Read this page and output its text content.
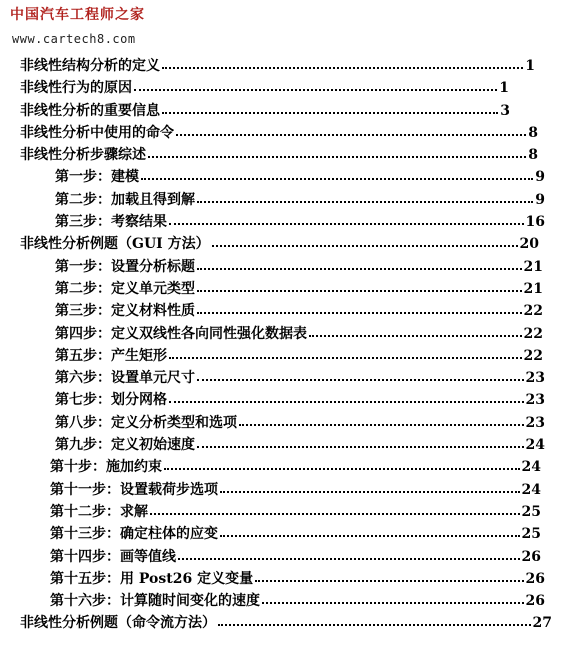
中国汽车工程师之家
www.cartech8.com
非线性结构分析的定义	1
非线性行为的原因	1
非线性分析的重要信息	3
非线性分析中使用的命令	8
非线性分析步骤综述	8
第一步：建模	9
第二步：加载且得到解	9
第三步：考察结果	16
非线性分析例题（GUI 方法）	20
第一步：设置分析标题	21
第二步：定义单元类型	21
第三步：定义材料性质	22
第四步：定义双线性各向同性强化数据表	22
第五步：产生矩形	22
第六步：设置单元尺寸	23
第七步：划分网格	23
第八步：定义分析类型和选项	23
第九步：定义初始速度	24
第十步：施加约束	24
第十一步：设置载荷步选项	24
第十二步：求解	25
第十三步：确定柱体的应变	25
第十四步：画等值线	26
第十五步：用 Post26 定义变量	26
第十六步：计算随时间变化的速度	26
非线性分析例题（命令流方法）	27
